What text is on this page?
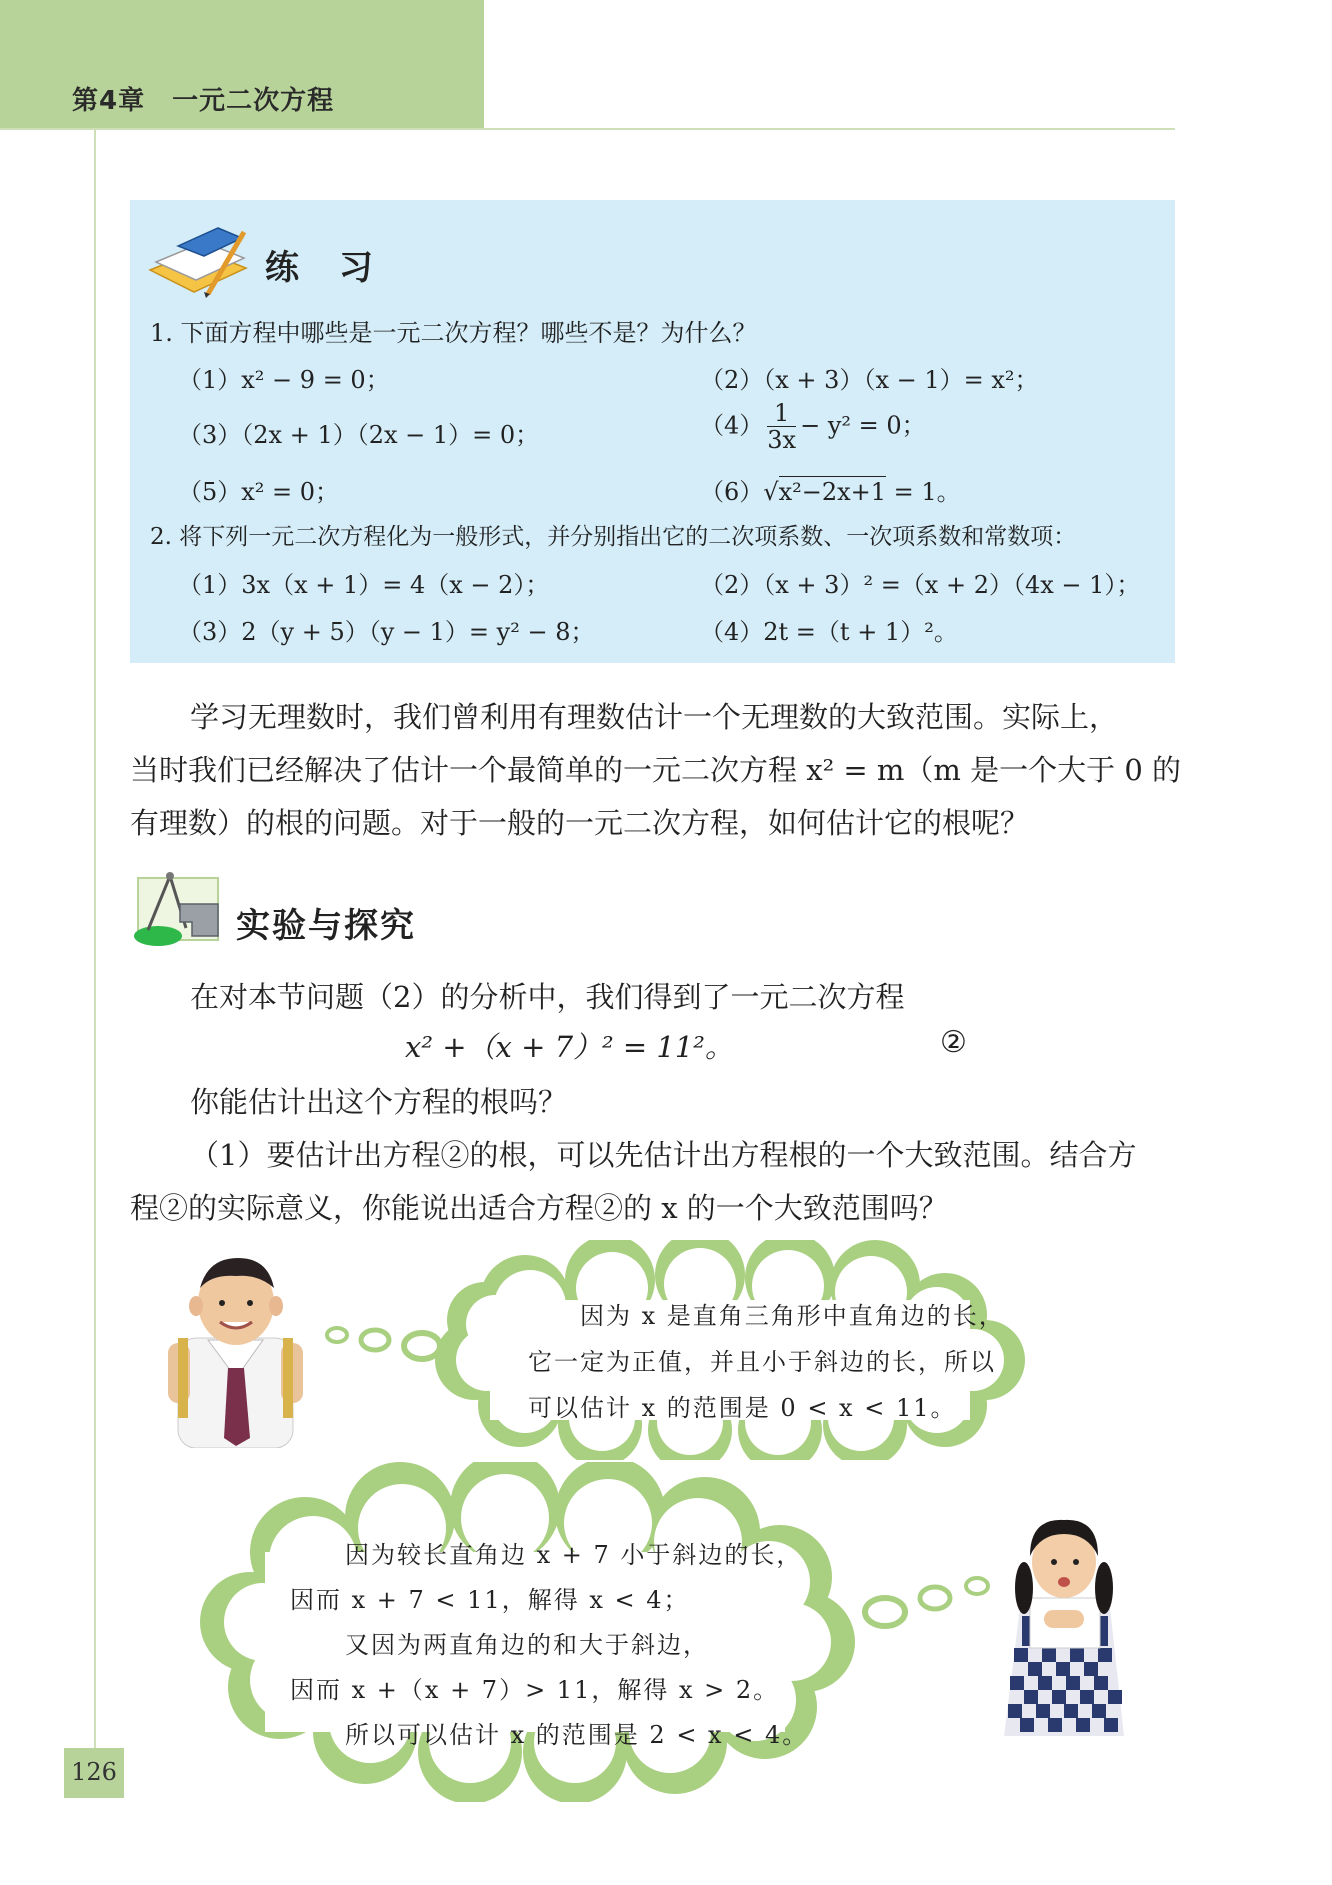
第4章　一元二次方程
练 习
1. 下面方程中哪些是一元二次方程？哪些不是？为什么？
（1）x² − 9 = 0；	（2）（x + 3）（x − 1）= x²；
（3）（2x + 1）（2x − 1）= 0；	$(4) \frac{1}{3x} - y^2 = 0$；
（5）x² = 0；	（6）√x²−2x+1 = 1。
2. 将下列一元二次方程化为一般形式，并分别指出它的二次项系数、一次项系数和常数项：
（1）3x（x + 1）= 4（x − 2）；	（2）（x + 3）² =（x + 2）（4x − 1）；
（3）2（y + 5）（y − 1）= y² − 8；	（4）2t =（t + 1）²。
学习无理数时，我们曾利用有理数估计一个无理数的大致范围。实际上，
当时我们已经解决了估计一个最简单的一元二次方程 x² = m（m 是一个大于 0 的
有理数）的根的问题。对于一般的一元二次方程，如何估计它的根呢？
实验与探究
在对本节问题（2）的分析中，我们得到了一元二次方程
x² +（x + 7）² = 11²。	②
你能估计出这个方程的根吗？
（1）要估计出方程②的根，可以先估计出方程根的一个大致范围。结合方
程②的实际意义，你能说出适合方程②的 x 的一个大致范围吗？
因为 x 是直角三角形中直角边的长，
它一定为正值，并且小于斜边的长，所以
可以估计 x 的范围是 0 < x < 11。
因为较长直角边 x + 7 小于斜边的长，
因而 x + 7 < 11，解得 x < 4；
又因为两直角边的和大于斜边，
因而 x +（x + 7）> 11，解得 x > 2。
所以可以估计 x 的范围是 2 < x < 4。
126
